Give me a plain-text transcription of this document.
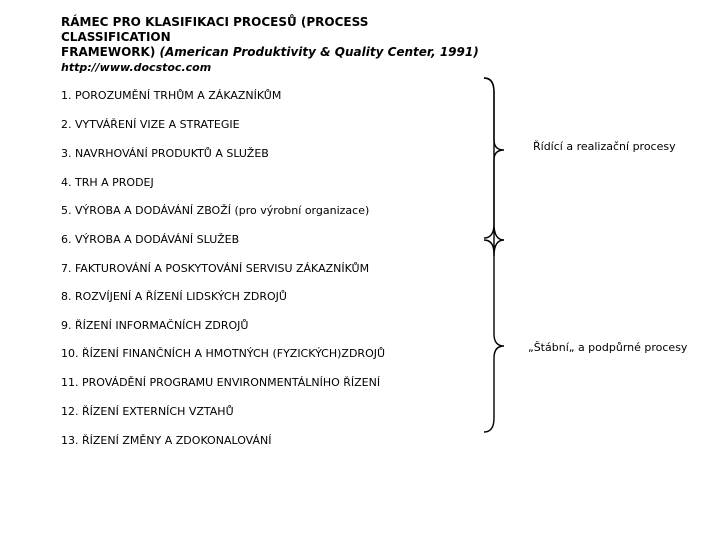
RÁMEC PRO KLASIFIKACI PROCESŮ (PROCESS CLASSIFICATION
FRAMEWORK) (American Produktivity & Quality Center, 1991)
http://www.docstoc.com
1. POROZUMĚNÍ TRHŮM A ZÁKAZNÍKŮM
2. VYTVÁŘENÍ VIZE A STRATEGIE
3. NAVRHOVÁNÍ PRODUKTŮ A SLUŽEB
4. TRH A PRODEJ
5. VÝROBA A DODÁVÁNÍ ZBOŽÍ (pro výrobní organizace)
6. VÝROBA A DODÁVÁNÍ SLUŽEB
7. FAKTUROVÁNÍ A POSKYTOVÁNÍ SERVISU ZÁKAZNÍKŮM
8. ROZVÍJENÍ A ŘÍZENÍ LIDSKÝCH ZDROJŮ
9. ŘÍZENÍ INFORMAČNÍCH ZDROJŮ
10. ŘÍZENÍ FINANČNÍCH A HMOTNÝCH (FYZICKÝCH)ZDROJŮ
11. PROVÁDĚNÍ PROGRAMU ENVIRONMENTÁLNÍHO ŘÍZENÍ
12. ŘÍZENÍ EXTERNÍCH VZTAHŮ
13. ŘÍZENÍ ZMĚNY A ZDOKONALOVÁNÍ
Řídící a realizační procesy
„Štábní„ a podpůrné procesy
